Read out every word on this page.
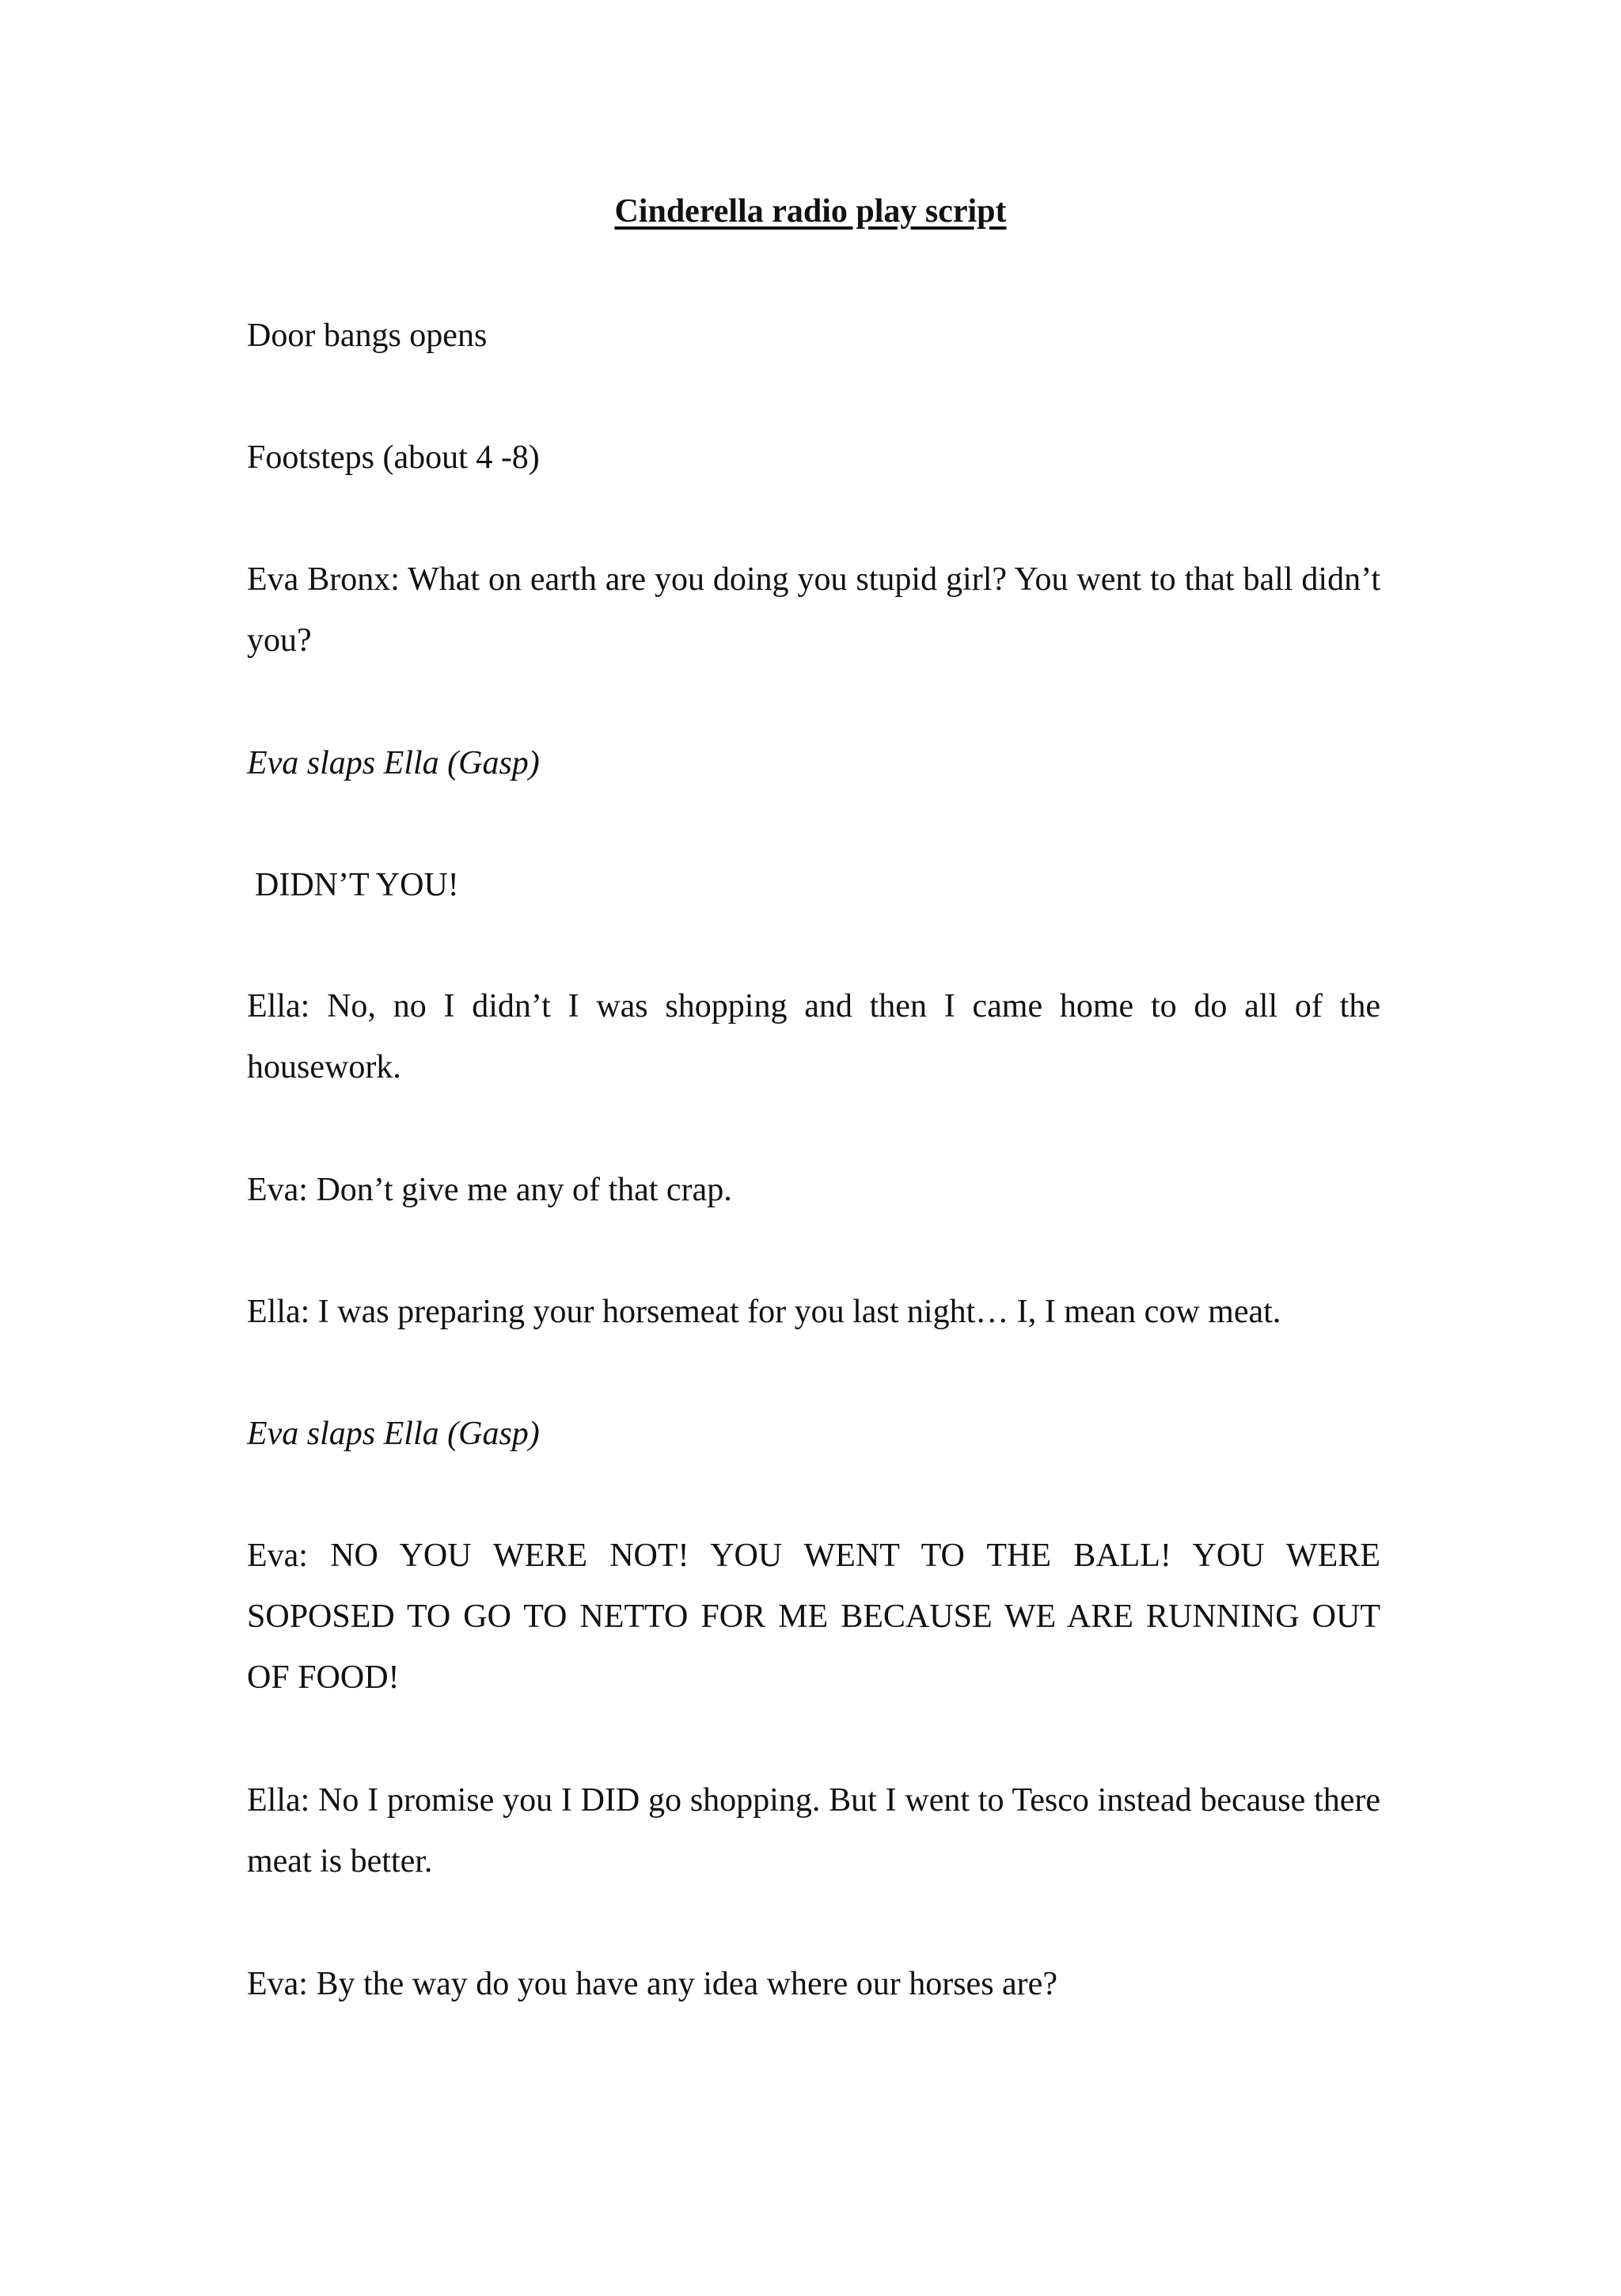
Cinderella radio play script
Door bangs opens
Footsteps (about 4 -8)
Eva Bronx: What on earth are you doing you stupid girl? You went to that ball didn’t you?
Eva slaps Ella (Gasp)
DIDN’T YOU!
Ella: No, no I didn’t I was shopping and then I came home to do all of the housework.
Eva: Don’t give me any of that crap.
Ella: I was preparing your horsemeat for you last night… I, I mean cow meat.
Eva slaps Ella (Gasp)
Eva: NO YOU WERE NOT! YOU WENT TO THE BALL! YOU WERE SOPOSED TO GO TO NETTO FOR ME BECAUSE WE ARE RUNNING OUT OF FOOD!
Ella: No I promise you I DID go shopping. But I went to Tesco instead because there meat is better.
Eva: By the way do you have any idea where our horses are?
